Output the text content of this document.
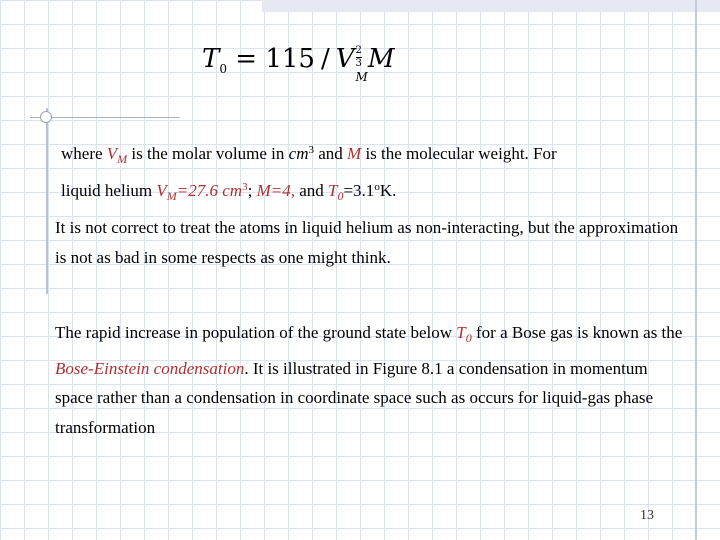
$T_0 = 115 / V \frac{2}{3}$
M
M
where $V_M$ is the molar volume in $cm^3$ and M is the molecular weight. For
liquid helium $V_M=27.6$ $cm^3$; M=4, and $T_0=3.1^oK$.
It is not correct to treat the atoms in liquid helium as non-interacting, but the approximation is not as bad in some respects as one might think.
The rapid increase in population of the ground state below $T_0$ for a Bose gas is known as the Bose-Einstein condensation. It is illustrated in Figure 8.1 a condensation in momentum space rather than a condensation in coordinate space such as occurs for liquid-gas phase transformation
13
